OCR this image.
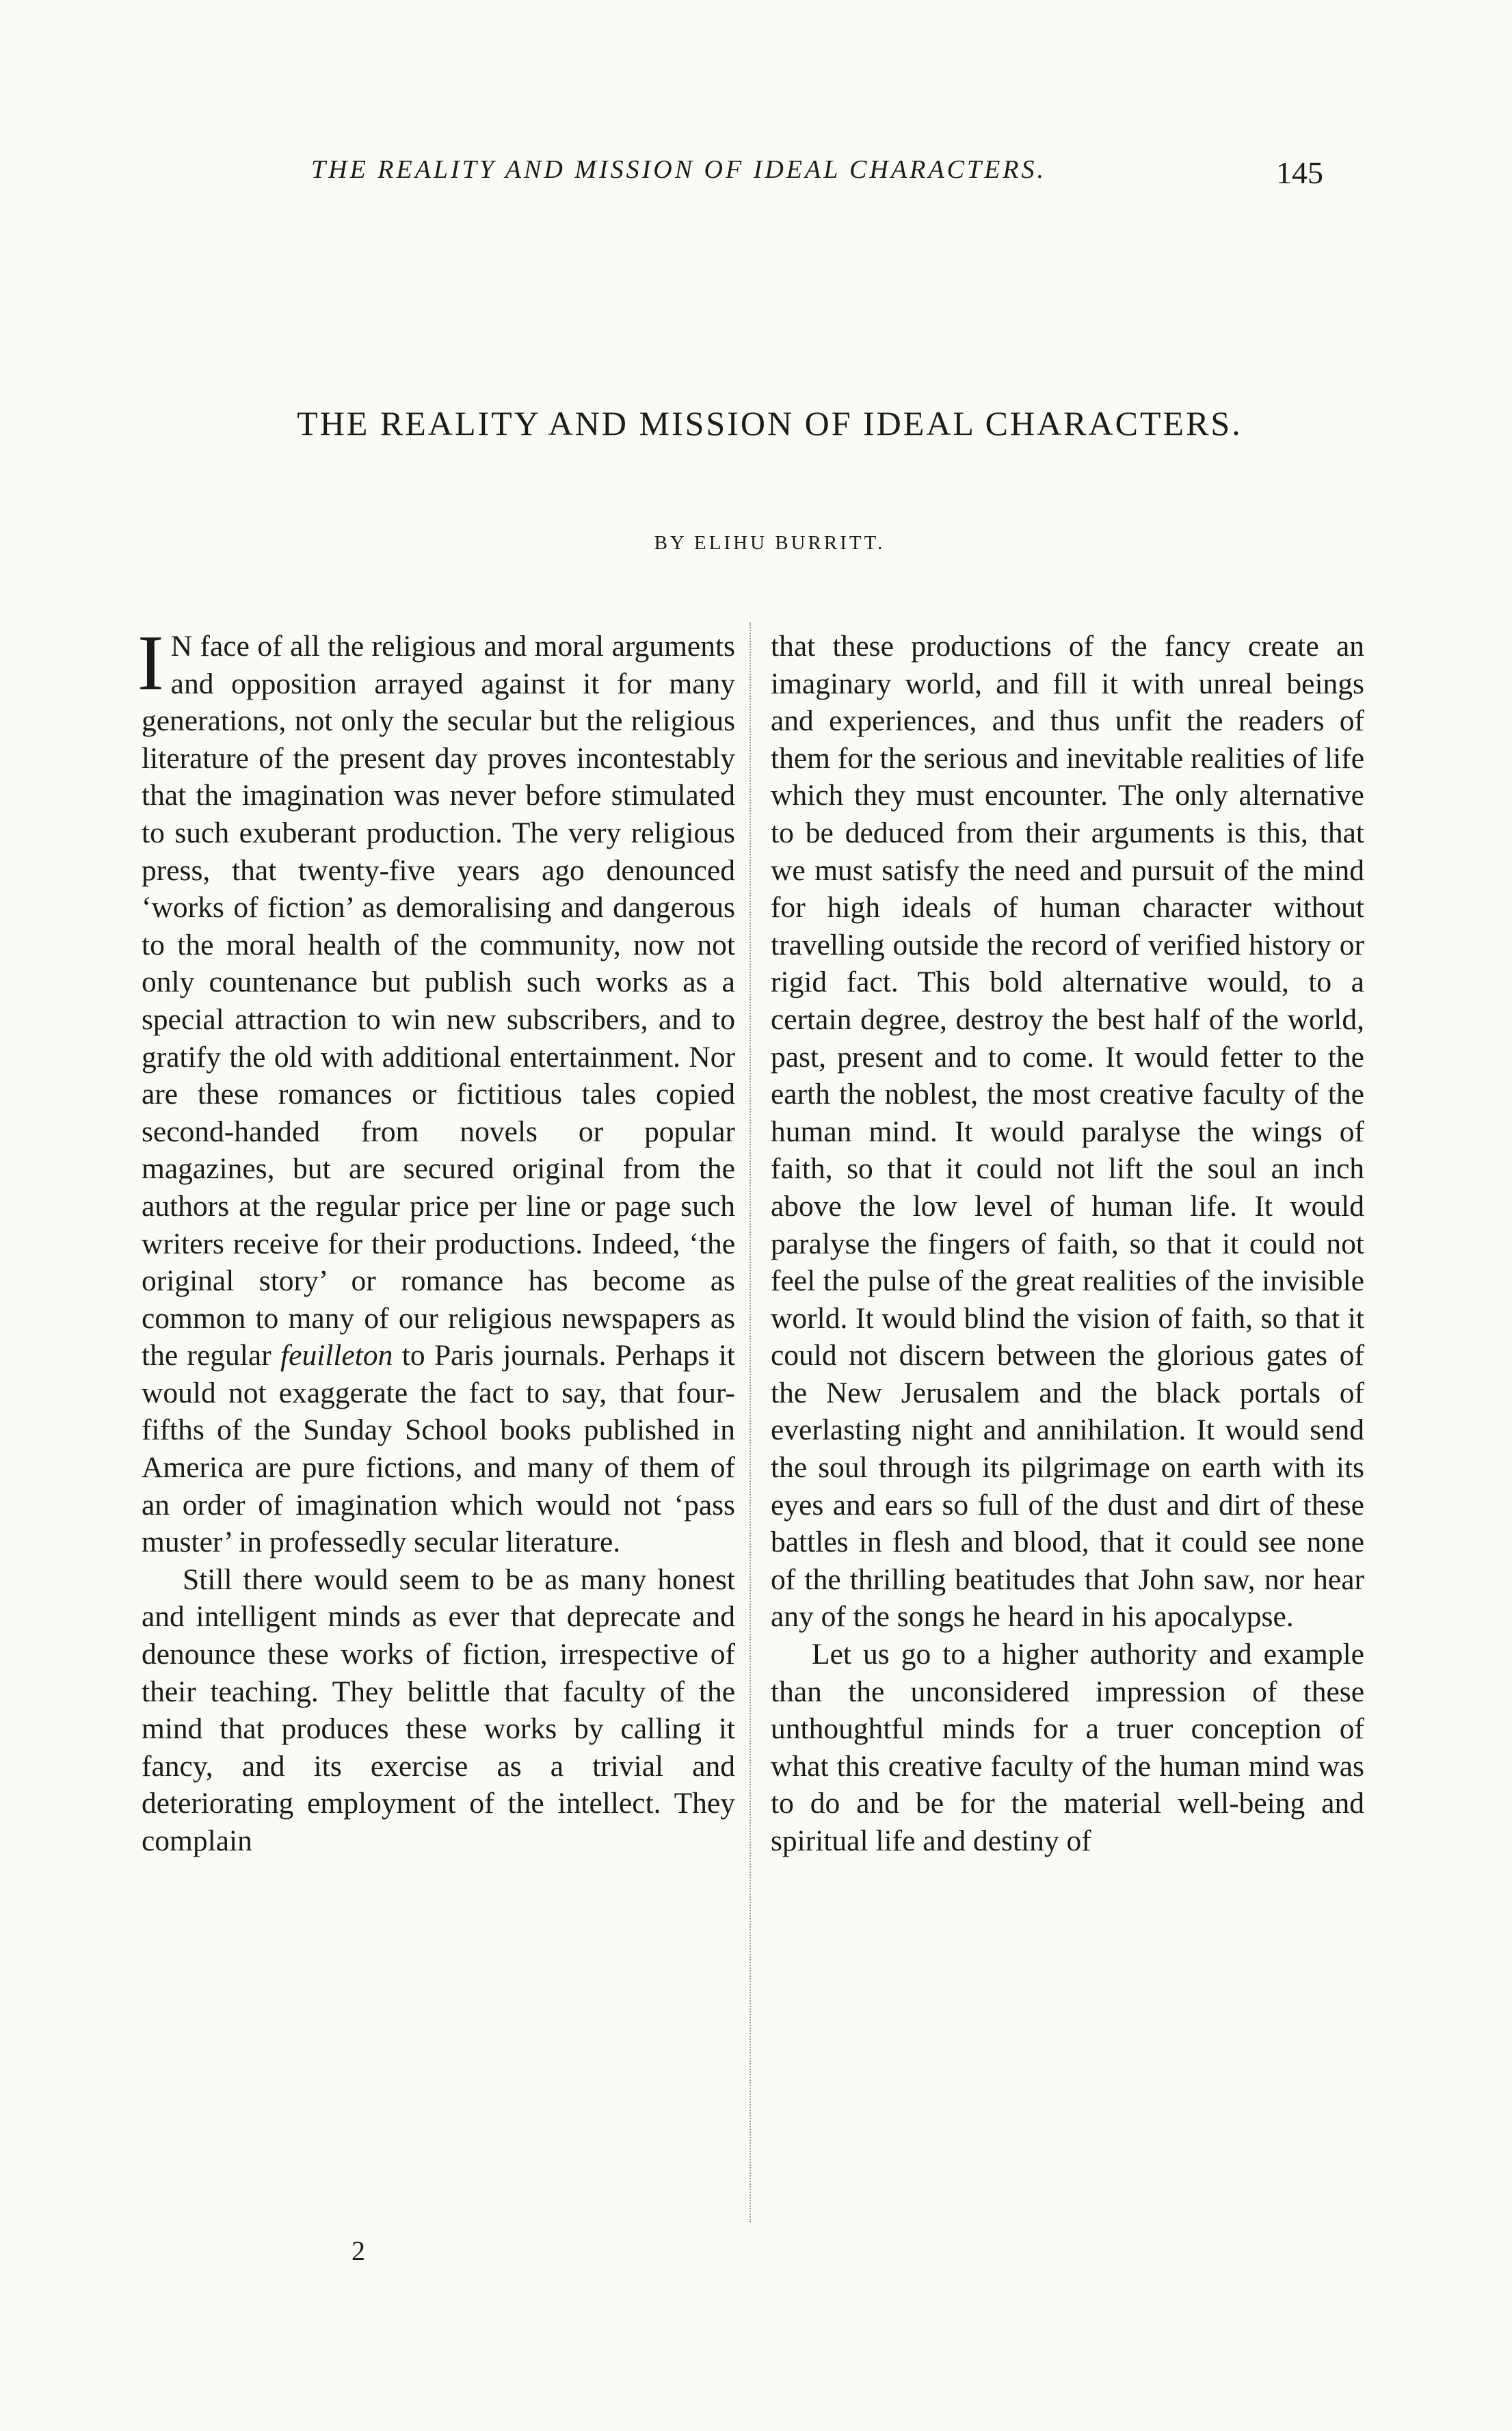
THE REALITY AND MISSION OF IDEAL CHARACTERS.	145
THE REALITY AND MISSION OF IDEAL CHARACTERS.
BY ELIHU BURRITT.

I N face of all the religious and moral arguments and opposition arrayed against it for many generations, not only the secular but the religious literature of the present day proves incontestably that the imagination was never before stimulated to such exuberant production. The very religious press, that twenty-five years ago denounced ‘works of fiction’ as demoralising and dangerous to the moral health of the community, now not only countenance but publish such works as a special attraction to win new subscribers, and to gratify the old with additional entertainment. Nor are these romances or fictitious tales copied second-handed from novels or popular magazines, but are secured original from the authors at the regular price per line or page such writers receive for their productions. Indeed, ‘the original story’ or romance has become as common to many of our religious newspapers as the regular feuilleton to Paris journals. Perhaps it would not exaggerate the fact to say, that four-fifths of the Sunday School books published in America are pure fictions, and many of them of an order of imagination which would not ‘pass muster’ in professedly secular literature.

Still there would seem to be as many honest and intelligent minds as ever that deprecate and denounce these works of fiction, irrespective of their teaching. They belittle that faculty of the mind that produces these works by calling it fancy, and its exercise as a trivial and deteriorating employment of the intellect. They complain

that these productions of the fancy create an imaginary world, and fill it with unreal beings and experiences, and thus unfit the readers of them for the serious and inevitable realities of life which they must encounter. The only alternative to be deduced from their arguments is this, that we must satisfy the need and pursuit of the mind for high ideals of human character without travelling outside the record of verified history or rigid fact. This bold alternative would, to a certain degree, destroy the best half of the world, past, present and to come. It would fetter to the earth the noblest, the most creative faculty of the human mind. It would paralyse the wings of faith, so that it could not lift the soul an inch above the low level of human life. It would paralyse the fingers of faith, so that it could not feel the pulse of the great realities of the invisible world. It would blind the vision of faith, so that it could not discern between the glorious gates of the New Jerusalem and the black portals of everlasting night and annihilation. It would send the soul through its pilgrimage on earth with its eyes and ears so full of the dust and dirt of these battles in flesh and blood, that it could see none of the thrilling beatitudes that John saw, nor hear any of the songs he heard in his apocalypse.

Let us go to a higher authority and example than the unconsidered impression of these unthoughtful minds for a truer conception of what this creative faculty of the human mind was to do and be for the material well-being and spiritual life and destiny of

2
